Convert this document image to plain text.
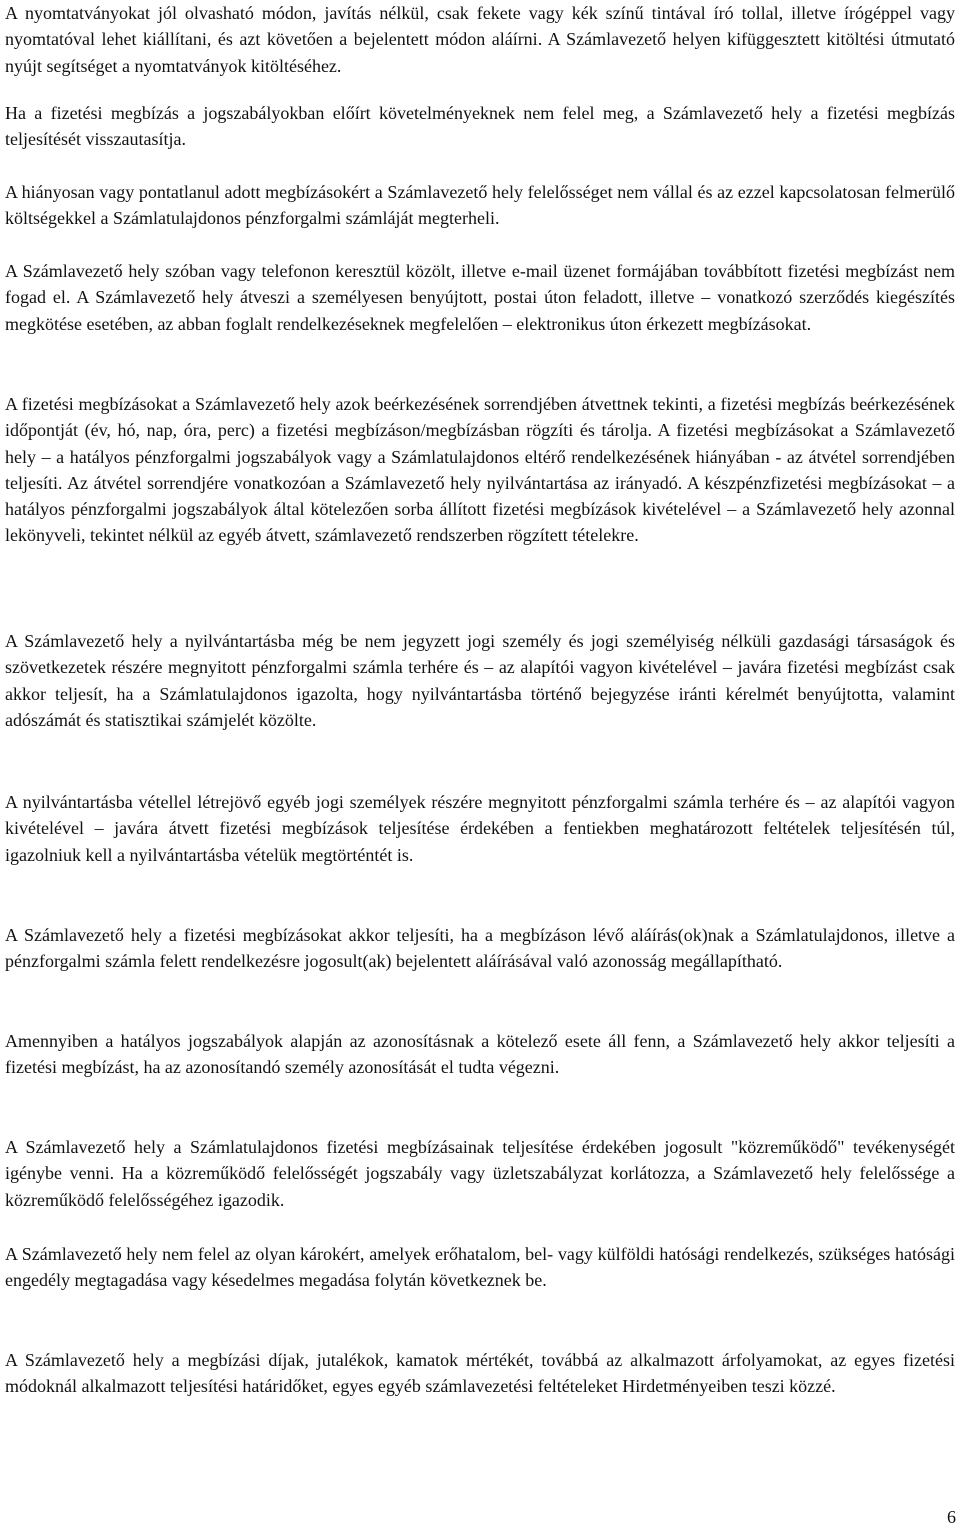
A nyomtatványokat jól olvasható módon, javítás nélkül, csak fekete vagy kék színű tintával író tollal, illetve írógéppel vagy nyomtatóval lehet kiállítani, és azt követően a bejelentett módon aláírni. A Számlavezető helyen kifüggesztett kitöltési útmutató nyújt segítséget a nyomtatványok kitöltéséhez.

Ha a fizetési megbízás a jogszabályokban előírt követelményeknek nem felel meg, a Számlavezető hely a fizetési megbízás teljesítését visszautasítja.

A hiányosan vagy pontatlanul adott megbízásokért a Számlavezető hely felelősséget nem vállal és az ezzel kapcsolatosan felmerülő költségekkel a Számlatulajdonos pénzforgalmi számláját megterheli.

A Számlavezető hely szóban vagy telefonon keresztül közölt, illetve e-mail üzenet formájában továbbított fizetési megbízást nem fogad el. A Számlavezető hely átveszi a személyesen benyújtott, postai úton feladott, illetve – vonatkozó szerződés kiegészítés megkötése esetében, az abban foglalt rendelkezéseknek megfelelően – elektronikus úton érkezett megbízásokat.

A fizetési megbízásokat a Számlavezető hely azok beérkezésének sorrendjében átvettnek tekinti, a fizetési megbízás beérkezésének időpontját (év, hó, nap, óra, perc) a fizetési megbízáson/megbízásban rögzíti és tárolja. A fizetési megbízásokat a Számlavezető hely – a hatályos pénzforgalmi jogszabályok vagy a Számlatulajdonos eltérő rendelkezésének hiányában - az átvétel sorrendjében teljesíti. Az átvétel sorrendjére vonatkozóan a Számlavezető hely nyilvántartása az irányadó. A készpénzfizetési megbízásokat – a hatályos pénzforgalmi jogszabályok által kötelezően sorba állított fizetési megbízások kivételével – a Számlavezető hely azonnal lekönyveli, tekintet nélkül az egyéb átvett, számlavezető rendszerben rögzített tételekre.

A Számlavezető hely a nyilvántartásba még be nem jegyzett jogi személy és jogi személyiség nélküli gazdasági társaságok és szövetkezetek részére megnyitott pénzforgalmi számla terhére és – az alapítói vagyon kivételével – javára fizetési megbízást csak akkor teljesít, ha a Számlatulajdonos igazolta, hogy nyilvántartásba történő bejegyzése iránti kérelmét benyújtotta, valamint adószámát és statisztikai számjelét közölte.

A nyilvántartásba vétellel létrejövő egyéb jogi személyek részére megnyitott pénzforgalmi számla terhére és – az alapítói vagyon kivételével – javára átvett fizetési megbízások teljesítése érdekében a fentiekben meghatározott feltételek teljesítésén túl, igazolniuk kell a nyilvántartásba vételük megtörténtét is.

A Számlavezető hely a fizetési megbízásokat akkor teljesíti, ha a megbízáson lévő aláírás(ok)nak a Számlatulajdonos, illetve a pénzforgalmi számla felett rendelkezésre jogosult(ak) bejelentett aláírásával való azonosság megállapítható.

Amennyiben a hatályos jogszabályok alapján az azonosításnak a kötelező esete áll fenn, a Számlavezető hely akkor teljesíti a fizetési megbízást, ha az azonosítandó személy azonosítását el tudta végezni.

A Számlavezető hely a Számlatulajdonos fizetési megbízásainak teljesítése érdekében jogosult "közreműködő" tevékenységét igénybe venni. Ha a közreműködő felelősségét jogszabály vagy üzletszabályzat korlátozza, a Számlavezető hely felelőssége a közreműködő felelősségéhez igazodik.

A Számlavezető hely nem felel az olyan károkért, amelyek erőhatalom, bel- vagy külföldi hatósági rendelkezés, szükséges hatósági engedély megtagadása vagy késedelmes megadása folytán következnek be.

A Számlavezető hely a megbízási díjak, jutalékok, kamatok mértékét, továbbá az alkalmazott árfolyamokat, az egyes fizetési módoknál alkalmazott teljesítési határidőket, egyes egyéb számlavezetési feltételeket Hirdetményeiben teszi közzé.

6
